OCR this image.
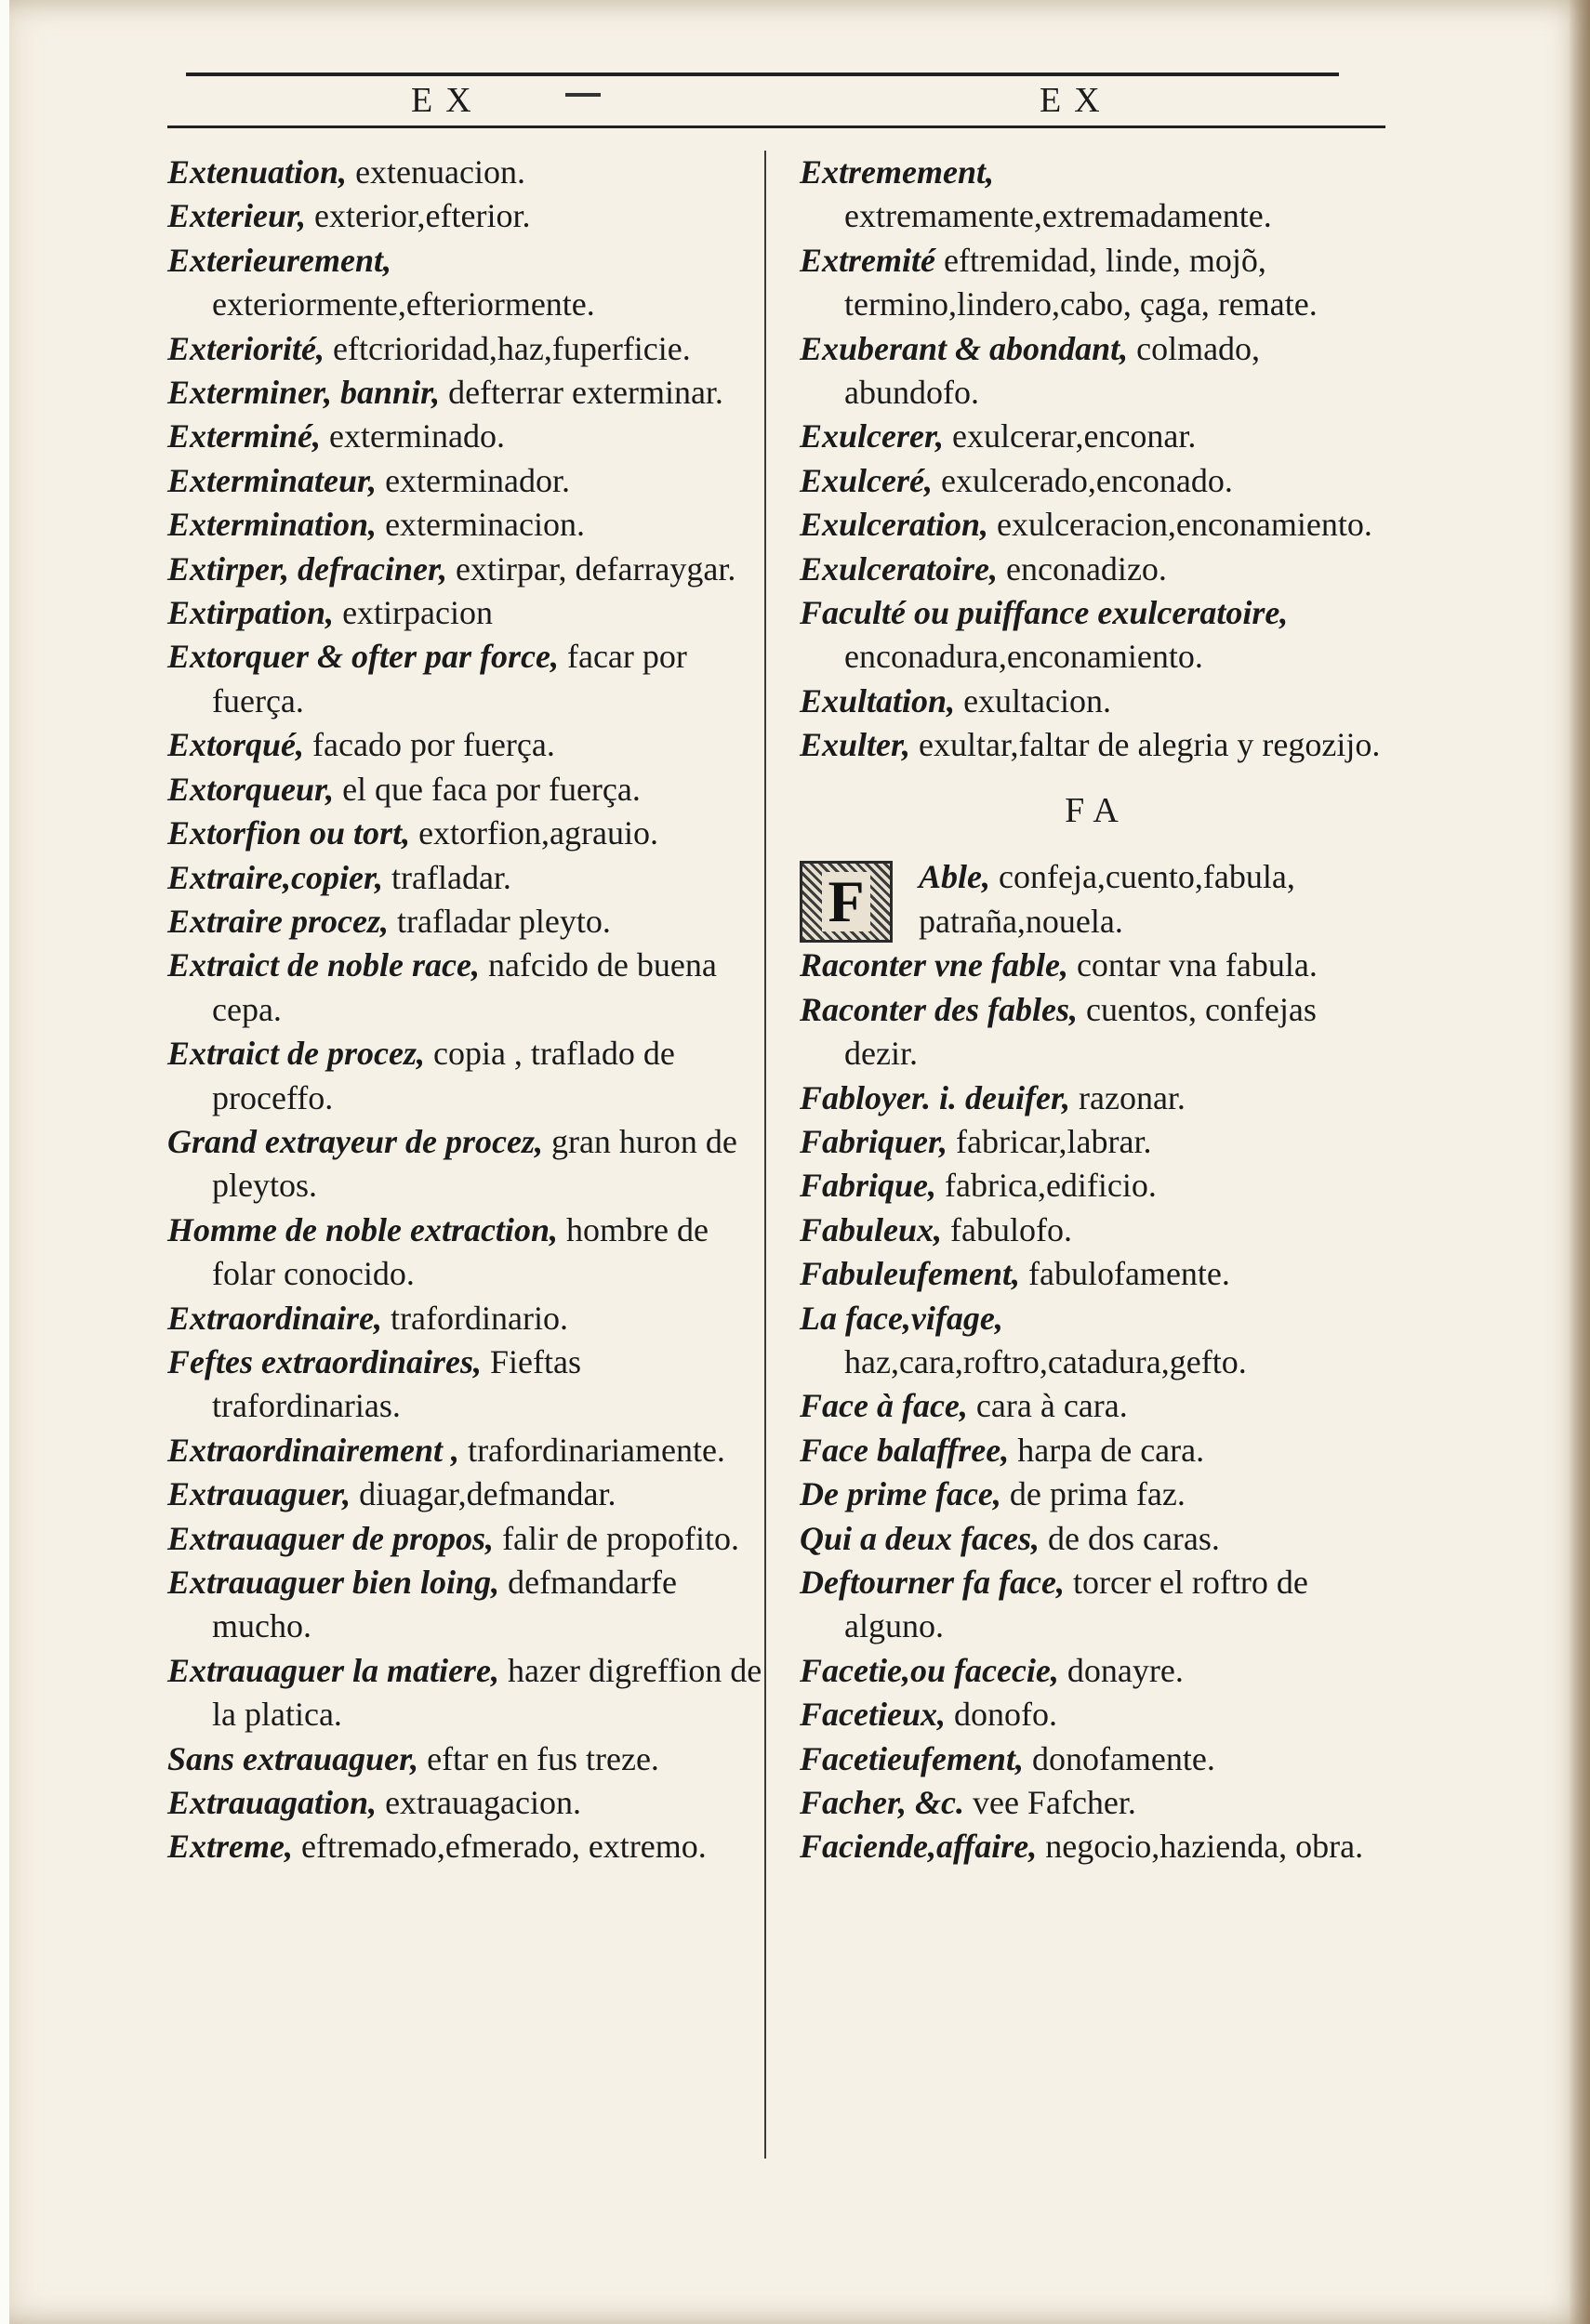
EX	EX

Extenuation, extenuacion.

Exterieur, exterior,efterior.

Exterieurement, exteriormente,efteriormente.

Exteriorité, eftcrioridad,haz,fuperficie.

Exterminer, bannir, defterrar exterminar.

Exterminé, exterminado.

Exterminateur, exterminador.

Extermination, exterminacion.

Extirper, defraciner, extirpar, defarraygar.

Extirpation, extirpacion

Extorquer & ofter par force, facar por fuerça.

Extorqué, facado por fuerça.

Extorqueur, el que faca por fuerça.

Extorfion ou tort, extorfion,agrauio.

Extraire,copier, trafladar.

Extraire procez, trafladar pleyto.

Extraict de noble race, nafcido de buena cepa.

Extraict de procez, copia , traflado de proceffo.

Grand extrayeur de procez, gran huron de pleytos.

Homme de noble extraction, hombre de folar conocido.

Extraordinaire, trafordinario.

Feftes extraordinaires, Fieftas trafordinarias.

Extraordinairement , trafordinariamente.

Extrauaguer, diuagar,defmandar.

Extrauaguer de propos, falir de propofito.

Extrauaguer bien loing, defmandarfe mucho.

Extrauaguer la matiere, hazer digreffion de la platica.

Sans extrauaguer, eftar en fus treze.

Extrauagation, extrauagacion.

Extreme, eftremado,efmerado, extremo.

Extremement, extremamente,extremadamente.

Extremité eftremidad, linde, mojõ, termino,lindero,cabo, çaga, remate.

Exuberant & abondant, colmado, abundofo.

Exulcerer, exulcerar,enconar.

Exulceré, exulcerado,enconado.

Exulceration, exulceracion,enconamiento.

Exulceratoire, enconadizo.

Faculté ou puiffance exulceratoire, enconadura,enconamiento.

Exultation, exultacion.

Exulter, exultar,faltar de alegria y regozijo.

FA

F Able, confeja,cuento,fabula, patraña,nouela.

Raconter vne fable, contar vna fabula.

Raconter des fables, cuentos, confejas dezir.

Fabloyer. i. deuifer, razonar.

Fabriquer, fabricar,labrar.

Fabrique, fabrica,edificio.

Fabuleux, fabulofo.

Fabuleufement, fabulofamente.

La face,vifage, haz,cara,roftro,catadura,gefto.

Face à face, cara à cara.

Face balaffree, harpa de cara.

De prime face, de prima faz.

Qui a deux faces, de dos caras.

Deftourner fa face, torcer el roftro de alguno.

Facetie,ou facecie, donayre.

Facetieux, donofo.

Facetieufement, donofamente.

Facher, &c. vee Fafcher.

Faciende,affaire, negocio,hazienda, obra.
